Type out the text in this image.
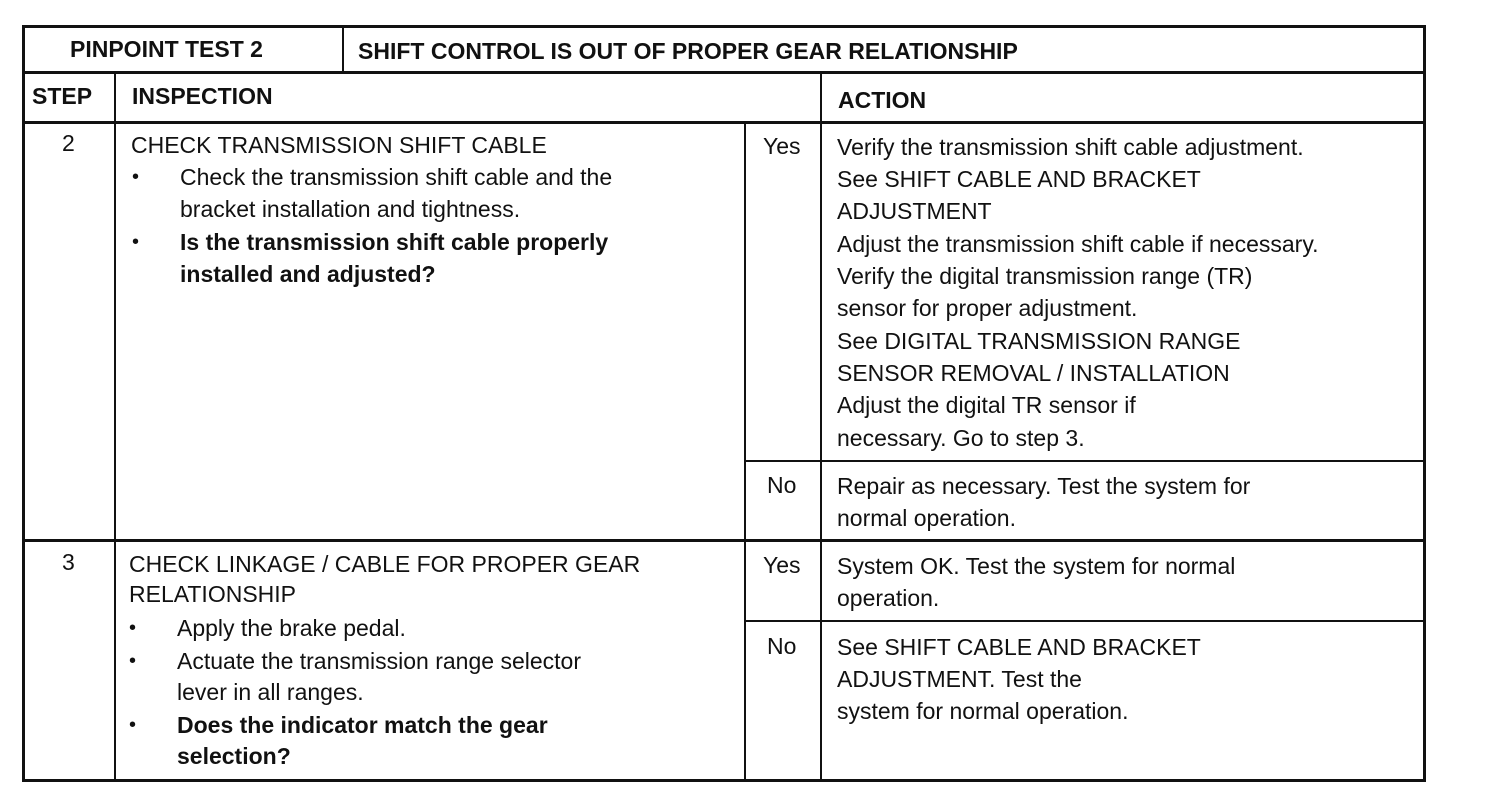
PINPOINT TEST 2	SHIFT CONTROL IS OUT OF PROPER GEAR RELATIONSHIP
STEP INSPECTION	ACTION
2 CHECK TRANSMISSION SHIFT CABLE
• Check the transmission shift cable and the
bracket installation and tightness.
• Is the transmission shift cable properly
installed and adjusted?
Yes Verify the transmission shift cable adjustment.
See SHIFT CABLE AND BRACKET
ADJUSTMENT
Adjust the transmission shift cable if necessary.
Verify the digital transmission range (TR)
sensor for proper adjustment.
See DIGITAL TRANSMISSION RANGE
SENSOR REMOVAL / INSTALLATION
Adjust the digital TR sensor if
necessary. Go to step 3.
No Repair as necessary. Test the system for
normal operation.
3 CHECK LINKAGE / CABLE FOR PROPER GEAR
RELATIONSHIP
• Apply the brake pedal.
• Actuate the transmission range selector
lever in all ranges.
• Does the indicator match the gear
selection?
Yes System OK. Test the system for normal
operation.
No See SHIFT CABLE AND BRACKET
ADJUSTMENT. Test the
system for normal operation.
